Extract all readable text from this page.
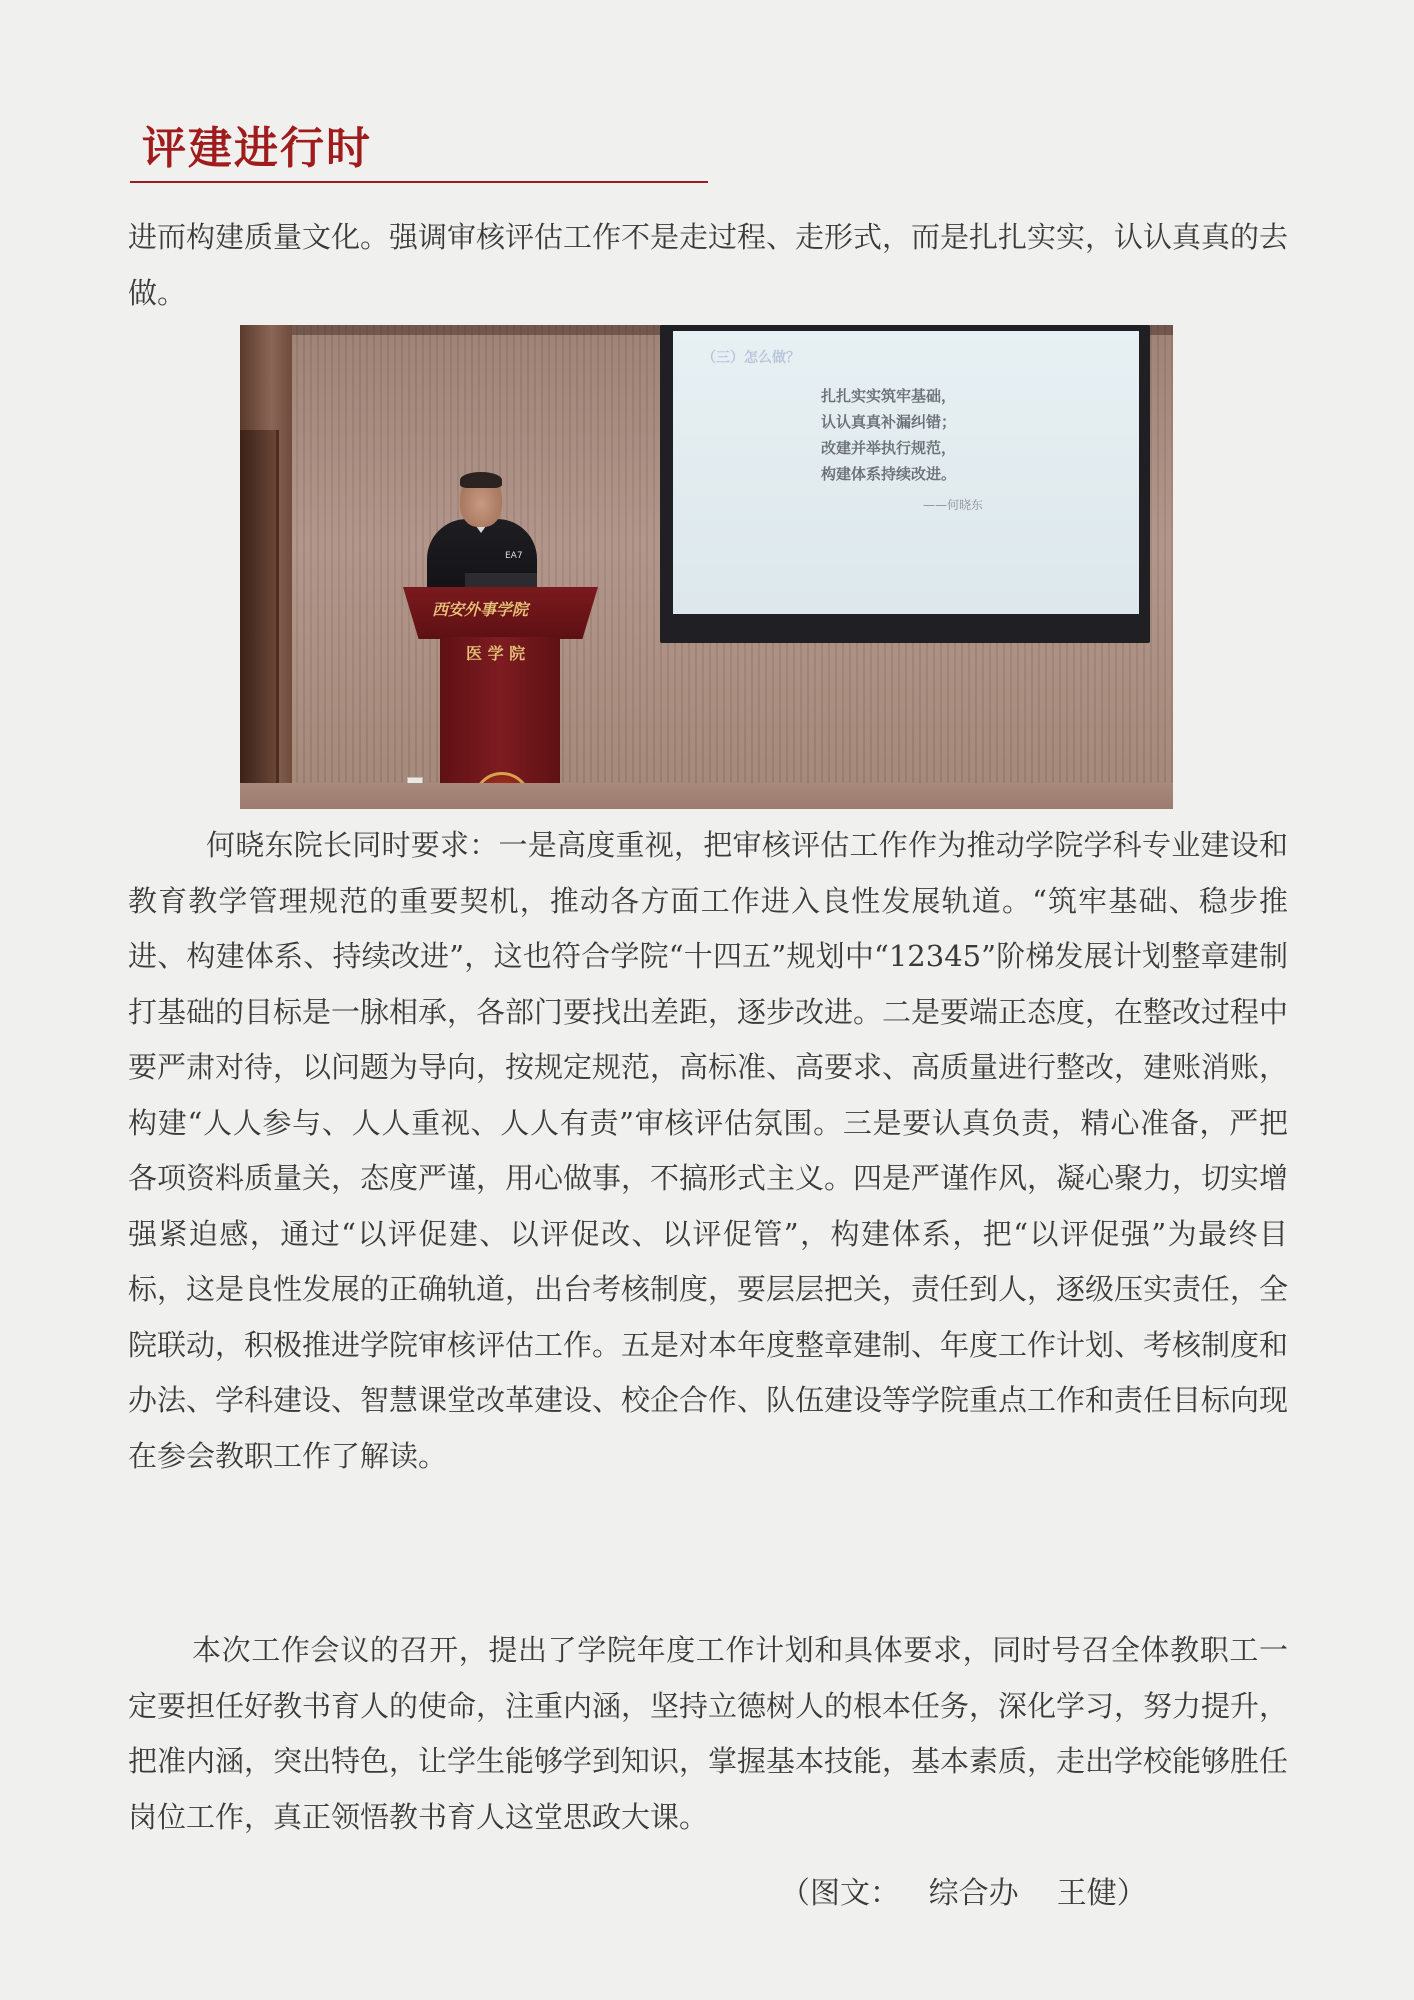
评建进行时

进而构建质量文化。强调审核评估工作不是走过程、走形式，而是扎扎实实，认认真真的去做。

（三）怎么做？
扎扎实实筑牢基础，
认认真真补漏纠错；
改建并举执行规范，
构建体系持续改进。
——何晓东
EA7
西安外事学院
医 学 院

何晓东院长同时要求：一是高度重视，把审核评估工作作为推动学院学科专业建设和教育教学管理规范的重要契机，推动各方面工作进入良性发展轨道。“筑牢基础、稳步推进、构建体系、持续改进”，这也符合学院“十四五”规划中“12345”阶梯发展计划整章建制打基础的目标是一脉相承，各部门要找出差距，逐步改进。二是要端正态度，在整改过程中要严肃对待，以问题为导向，按规定规范，高标准、高要求、高质量进行整改，建账消账，构建“人人参与、人人重视、人人有责”审核评估氛围。三是要认真负责，精心准备，严把各项资料质量关，态度严谨，用心做事，不搞形式主义。四是严谨作风，凝心聚力，切实增强紧迫感，通过“以评促建、以评促改、以评促管”，构建体系，把“以评促强”为最终目标，这是良性发展的正确轨道，出台考核制度，要层层把关，责任到人，逐级压实责任，全院联动，积极推进学院审核评估工作。五是对本年度整章建制、年度工作计划、考核制度和办法、学科建设、智慧课堂改革建设、校企合作、队伍建设等学院重点工作和责任目标向现在参会教职工作了解读。

本次工作会议的召开，提出了学院年度工作计划和具体要求，同时号召全体教职工一定要担任好教书育人的使命，注重内涵，坚持立德树人的根本任务，深化学习，努力提升，把准内涵，突出特色，让学生能够学到知识，掌握基本技能，基本素质，走出学校能够胜任岗位工作，真正领悟教书育人这堂思政大课。

（图文：   综合办    王健）
